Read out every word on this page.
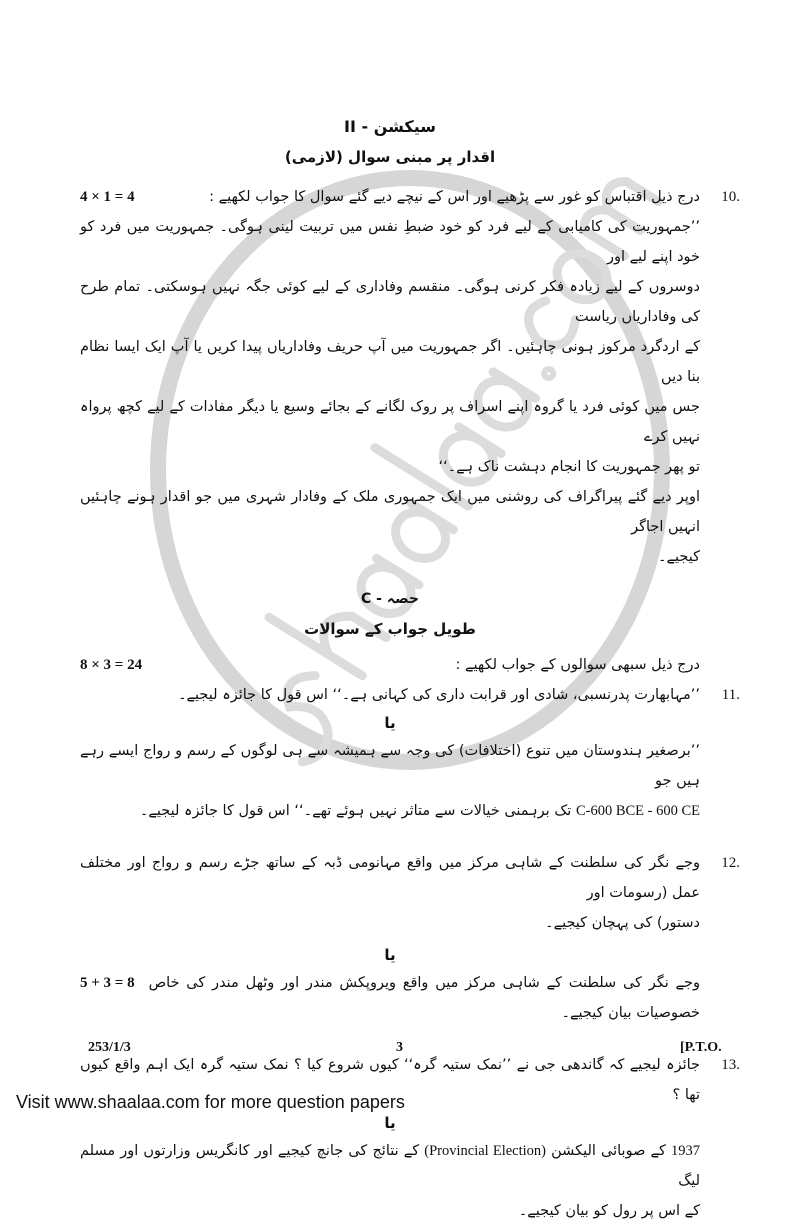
سیکشن - II
اقدار پر مبنی سوال (لازمی)
10.
4 × 1 = 4	درج ذیل اقتباس کو غور سے پڑھیے اور اس کے نیچے دیے گئے سوال کا جواب لکھیے :
’’جمہوریت کی کامیابی کے لیے فرد کو خود ضبطِ نفس میں تربیت لینی ہوگی۔ جمہوریت میں فرد کو خود اپنے لیے اور
دوسروں کے لیے زیادہ فکر کرنی ہوگی۔ منقسم وفاداری کے لیے کوئی جگہ نہیں ہوسکتی۔ تمام طرح کی وفاداریاں ریاست
کے اردگرد مرکوز ہونی چاہئیں۔ اگر جمہوریت میں آپ حریف وفاداریاں پیدا کریں یا آپ ایک ایسا نظام بنا دیں
جس میں کوئی فرد یا گروہ اپنے اسراف پر روک لگانے کے بجائے وسیع یا دیگر مفادات کے لیے کچھ پرواہ نہیں کرے
تو پھر جمہوریت کا انجام دہشت ناک ہے۔‘‘
اوپر دیے گئے پیراگراف کی روشنی میں ایک جمہوری ملک کے وفادار شہری میں جو اقدار ہونے چاہئیں انہیں اجاگر
کیجیے۔
حصہ - C
طویل جواب کے سوالات
8 × 3 = 24	درج ذیل سبھی سوالوں کے جواب لکھیے :
11.
’’مہابھارت پدرنسبی، شادی اور قرابت داری کی کہانی ہے۔‘‘ اس قول کا جائزہ لیجیے۔
یا
’’برصغیر ہندوستان میں تنوع (اختلافات) کی وجہ سے ہمیشہ سے ہی لوگوں کے رسم و رواج ایسے رہے ہیں جو
C-600 BCE - 600 CE تک برہمنی خیالات سے متاثر نہیں ہوئے تھے۔‘‘ اس قول کا جائزہ لیجیے۔
12.
وجے نگر کی سلطنت کے شاہی مرکز میں واقع مہانومی ڈبہ کے ساتھ جڑے رسم و رواج اور مختلف عمل (رسومات اور
دستور) کی پہچان کیجیے۔
یا
5 + 3 = 8 وجے نگر کی سلطنت کے شاہی مرکز میں واقع ویروپکش مندر اور وٹھل مندر کی خاص خصوصیات بیان کیجیے۔
13.
جائزہ لیجیے کہ گاندھی جی نے ’’نمک ستیہ گرہ‘‘ کیوں شروع کیا ؟ نمک ستیہ گرہ ایک اہم واقع کیوں تھا ؟
یا
1937 کے صوبائی الیکشن (Provincial Election) کے نتائج کی جانچ کیجیے اور کانگریس وزارتوں اور مسلم لیگ
کے اس پر رول کو بیان کیجیے۔
253/1/3	3	[P.T.O.
Visit www.shaalaa.com for more question papers
